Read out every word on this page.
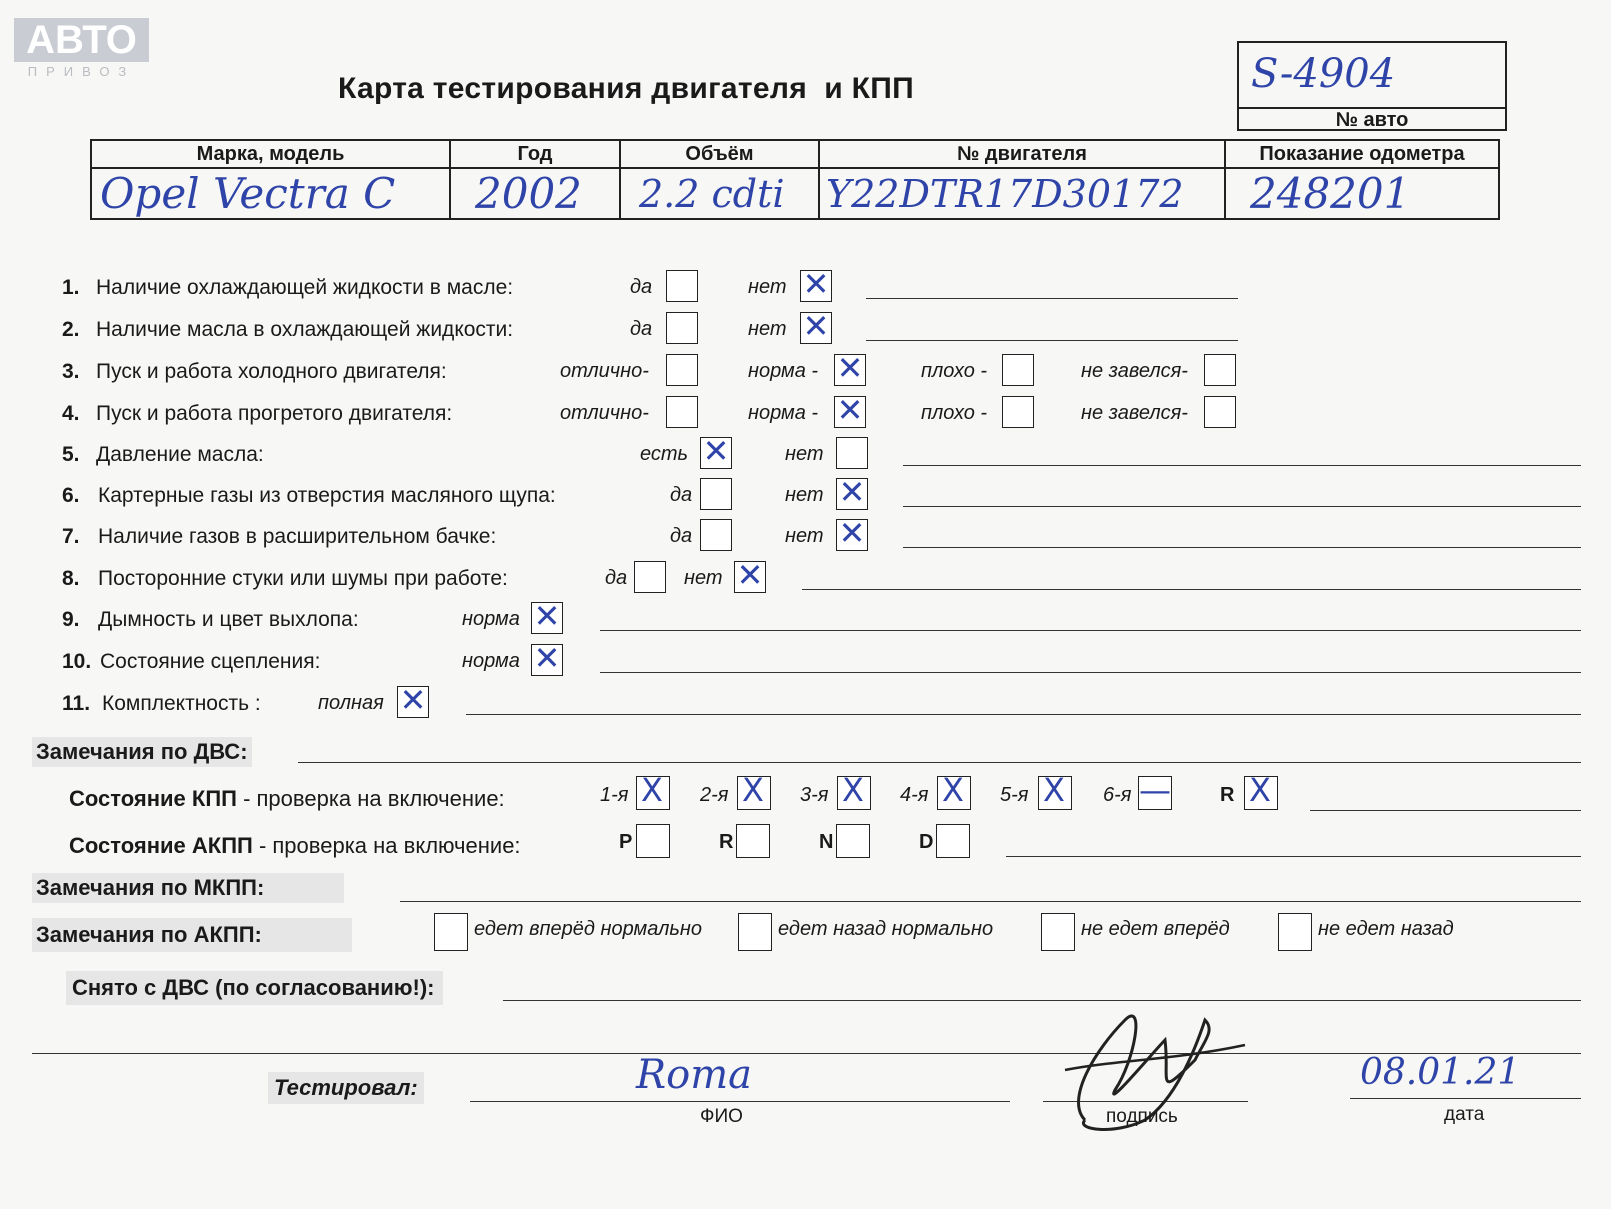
АВТО
ПРИВОЗ
Карта тестирования двигателя  и КПП	S-4904
№ авто
Марка, модель	Год	Объём	№ двигателя	Показание одометра
Opel Vectra C	2002	2.2 cdti	Y22DTR17D30172	248201
1. Наличие охлаждающей жидкости в масле:	да	нет ✕
2. Наличие масла в охлаждающей жидкости:	да	нет ✕
3. Пуск и работа холодного двигателя:	отлично-	норма - ✕	плохо -	не завелся-
4. Пуск и работа прогретого двигателя:	отлично-	норма - ✕	плохо -	не завелся-
5. Давление масла:	есть ✕	нет
6. Картерные газы из отверстия масляного щупа:	да	нет ✕
7. Наличие газов в расширительном бачке:	да	нет ✕
8. Посторонние стуки или шумы при работе:	да	нет ✕
9. Дымность и цвет выхлопа:	норма ✕
10. Состояние сцепления:	норма ✕
11. Комплектность :	полная ✕
Замечания по ДВС:
Состояние КПП - проверка на включение:	1-я X 2-я X 3-я X 4-я X 5-я X 6-я — R X
Состояние АКПП - проверка на включение:	P	R	N	D
Замечания по МКПП:
Замечания по АКПП:	едет вперёд нормально	едет назад нормально	не едет вперёд	не едет назад
Снято с ДВС (по согласованию!):
Тестировал:	Roma
ФИО	подпись
08.01.21
дата
